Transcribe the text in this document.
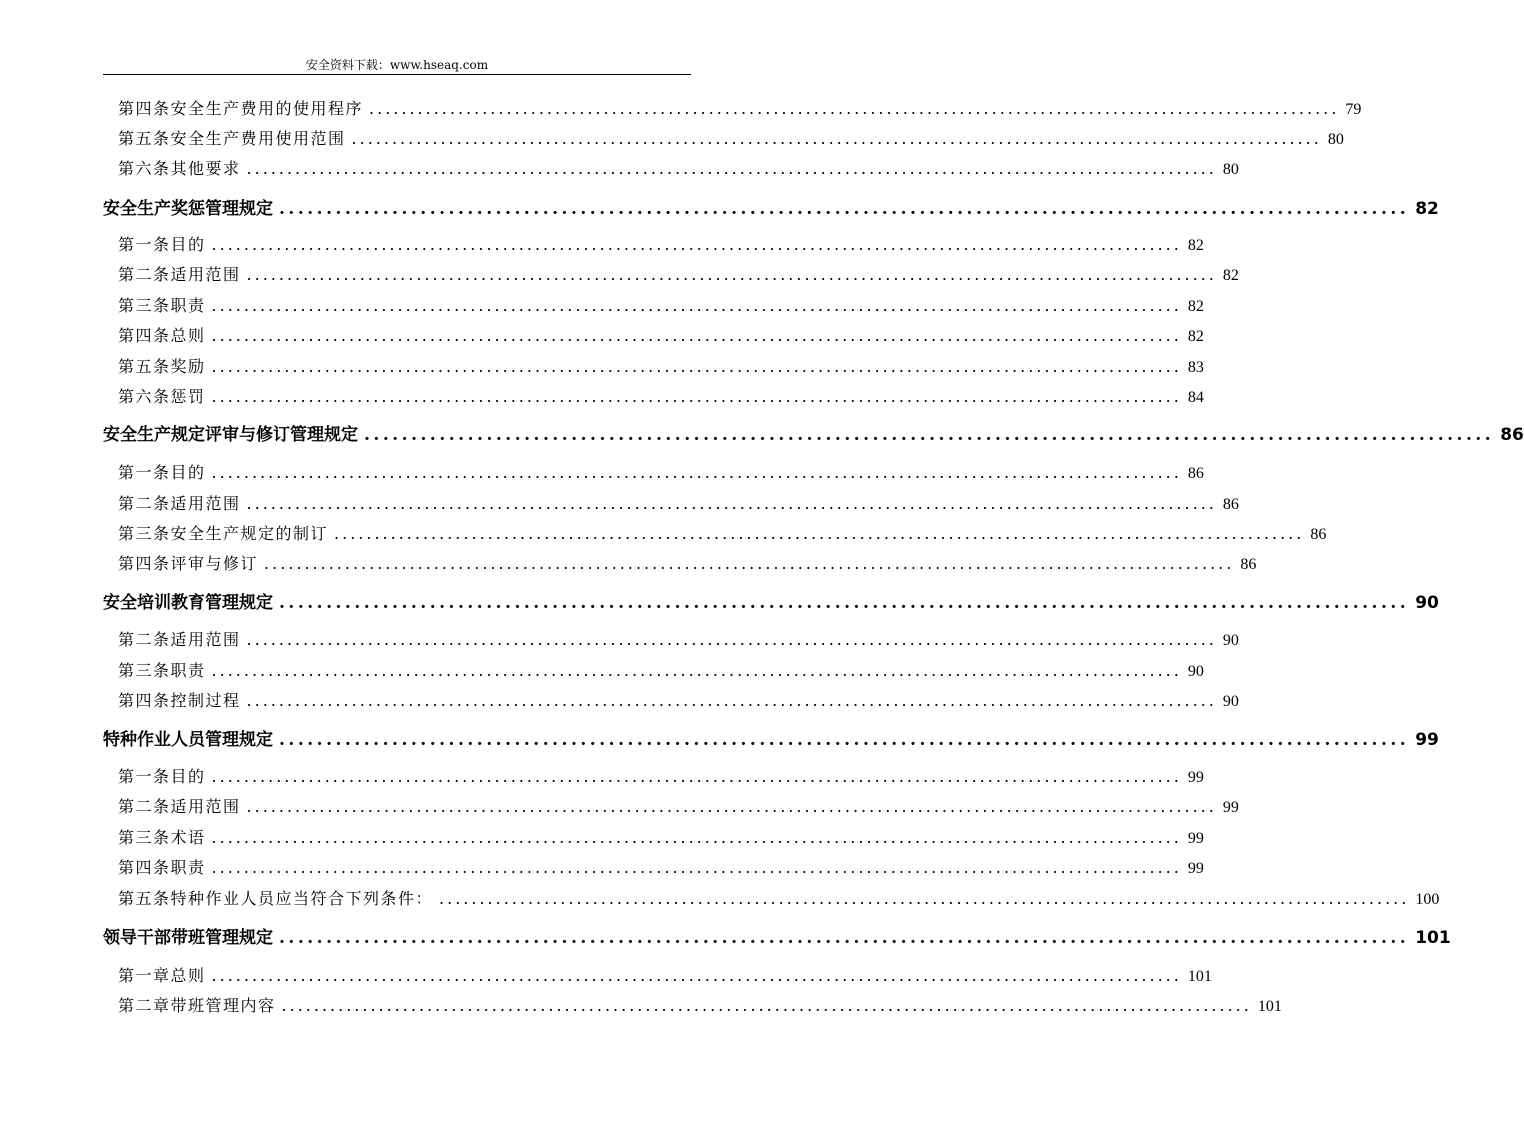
安全资料下载：www.hseaq.com
第四条安全生产费用的使用程序 ........................................................................................................................ 79
第五条安全生产费用使用范围 ........................................................................................................................ 80
第六条其他要求 ........................................................................................................................ 80
安全生产奖惩管理规定 ........................................................................................................................ 82
第一条目的 ........................................................................................................................ 82
第二条适用范围 ........................................................................................................................ 82
第三条职责 ........................................................................................................................ 82
第四条总则 ........................................................................................................................ 82
第五条奖励 ........................................................................................................................ 83
第六条惩罚 ........................................................................................................................ 84
安全生产规定评审与修订管理规定 ........................................................................................................................ 86
第一条目的 ........................................................................................................................ 86
第二条适用范围 ........................................................................................................................ 86
第三条安全生产规定的制订 ........................................................................................................................ 86
第四条评审与修订 ........................................................................................................................ 86
安全培训教育管理规定 ........................................................................................................................ 90
第二条适用范围 ........................................................................................................................ 90
第三条职责 ........................................................................................................................ 90
第四条控制过程 ........................................................................................................................ 90
特种作业人员管理规定 ........................................................................................................................ 99
第一条目的 ........................................................................................................................ 99
第二条适用范围 ........................................................................................................................ 99
第三条术语 ........................................................................................................................ 99
第四条职责 ........................................................................................................................ 99
第五条特种作业人员应当符合下列条件： ........................................................................................................................ 100
领导干部带班管理规定 ........................................................................................................................ 101
第一章总则 ........................................................................................................................ 101
第二章带班管理内容 ........................................................................................................................ 101
